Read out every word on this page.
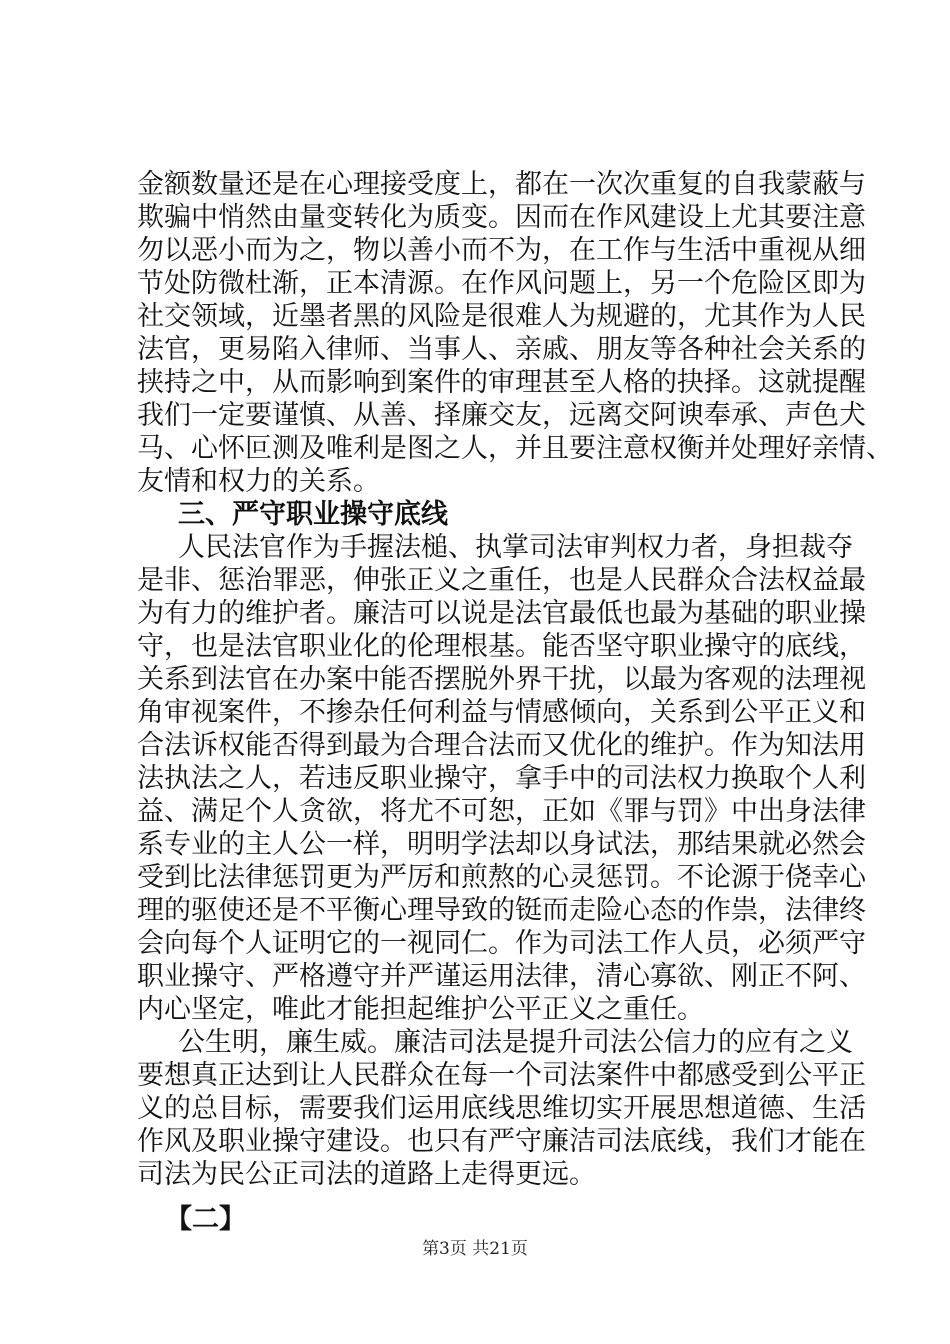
金额数量还是在心理接受度上，都在一次次重复的自我蒙蔽与
欺骗中悄然由量变转化为质变。因而在作风建设上尤其要注意
勿以恶小而为之，物以善小而不为，在工作与生活中重视从细
节处防微杜渐，正本清源。在作风问题上，另一个危险区即为
社交领域，近墨者黑的风险是很难人为规避的，尤其作为人民
法官，更易陷入律师、当事人、亲戚、朋友等各种社会关系的
挟持之中，从而影响到案件的审理甚至人格的抉择。这就提醒
我们一定要谨慎、从善、择廉交友，远离交阿谀奉承、声色犬
马、心怀叵测及唯利是图之人，并且要注意权衡并处理好亲情、
友情和权力的关系。
三、严守职业操守底线
人民法官作为手握法槌、执掌司法审判权力者，身担裁夺
是非、惩治罪恶，伸张正义之重任，也是人民群众合法权益最
为有力的维护者。廉洁可以说是法官最低也最为基础的职业操
守，也是法官职业化的伦理根基。能否坚守职业操守的底线，
关系到法官在办案中能否摆脱外界干扰，以最为客观的法理视
角审视案件，不掺杂任何利益与情感倾向，关系到公平正义和
合法诉权能否得到最为合理合法而又优化的维护。作为知法用
法执法之人，若违反职业操守，拿手中的司法权力换取个人利
益、满足个人贪欲，将尤不可恕，正如《罪与罚》中出身法律
系专业的主人公一样，明明学法却以身试法，那结果就必然会
受到比法律惩罚更为严厉和煎熬的心灵惩罚。不论源于侥幸心
理的驱使还是不平衡心理导致的铤而走险心态的作祟，法律终
会向每个人证明它的一视同仁。作为司法工作人员，必须严守
职业操守、严格遵守并严谨运用法律，清心寡欲、刚正不阿、
内心坚定，唯此才能担起维护公平正义之重任。
公生明，廉生威。廉洁司法是提升司法公信力的应有之义
要想真正达到让人民群众在每一个司法案件中都感受到公平正
义的总目标，需要我们运用底线思维切实开展思想道德、生活
作风及职业操守建设。也只有严守廉洁司法底线，我们才能在
司法为民公正司法的道路上走得更远。
【二】
第3页 共21页
